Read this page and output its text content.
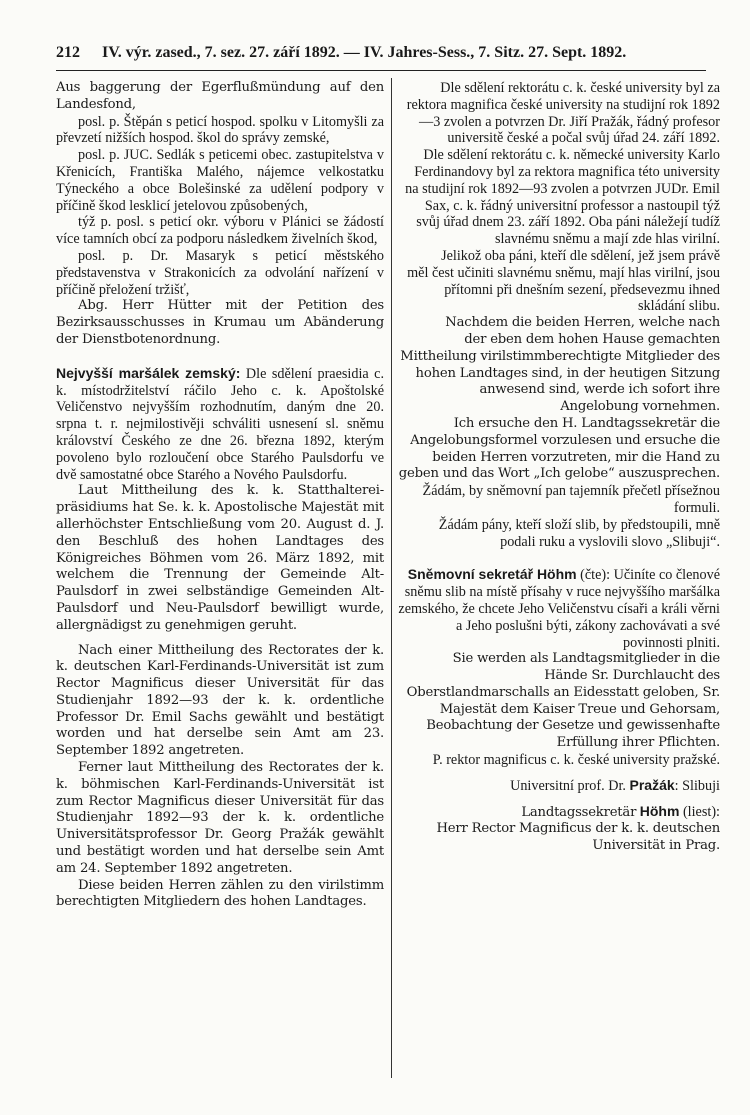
212	IV. výr. zased., 7. sez. 27. září 1892. — IV. Jahres-Sess., 7. Sitz. 27. Sept. 1892.

Aus baggerung der Egerflußmündung auf den Landesfond,

posl. p. Štěpán s peticí hospod. spolku v Litomyšli za převzetí nižších hospod. škol do správy zemské,

posl. p. JUC. Sedlák s peticemi obec. zastupitelstva v Křenicích, Františka Malého, nájemce velkostatku Týneckého a obce Bolešinské za udělení podpory v příčině škod lesklicí jetelovou způsobených,

týž p. posl. s peticí okr. výboru v Plánici se žádostí více tamních obcí za podporu následkem živelních škod,

posl. p. Dr. Masaryk s peticí městského představenstva v Strakonicích za odvolání nařízení v příčině přeložení tržišť,

Abg. Herr Hütter mit der Petition des Bezirksausschusses in Krumau um Abänderung der Dienstbotenordnung.

Nejvyšší maršálek zemský: Dle sdělení praesidia c. k. místodržitelství ráčilo Jeho c. k. Apoštolské Veličenstvo nejvyšším rozhodnutím, daným dne 20. srpna t. r. nejmilostivěji schváliti usnesení sl. sněmu království Českého ze dne 26. března 1892, kterým povoleno bylo rozloučení obce Starého Paulsdorfu ve dvě samostatné obce Starého a Nového Paulsdorfu.

Laut Mittheilung des k. k. Statthalterei-präsidiums hat Se. k. k. Apostolische Majestät mit allerhöchster Entschließung vom 20. August d. J. den Beschluß des hohen Landtages des Königreiches Böhmen vom 26. März 1892, mit welchem die Trennung der Gemeinde Alt-Paulsdorf in zwei selbständige Gemeinden Alt-Paulsdorf und Neu-Paulsdorf bewilligt wurde, allergnädigst zu genehmigen geruht.

Nach einer Mittheilung des Rectorates der k. k. deutschen Karl-Ferdinands-Universität ist zum Rector Magnificus dieser Universität für das Studienjahr 1892—93 der k. k. ordentliche Professor Dr. Emil Sachs gewählt und bestätigt worden und hat derselbe sein Amt am 23. September 1892 angetreten.

Ferner laut Mittheilung des Rectorates der k. k. böhmischen Karl-Ferdinands-Universität ist zum Rector Magnificus dieser Universität für das Studienjahr 1892—93 der k. k. ordentliche Universitätsprofessor Dr. Georg Pražák gewählt und bestätigt worden und hat derselbe sein Amt am 24. September 1892 angetreten.

Diese beiden Herren zählen zu den virilstimm berechtigten Mitgliedern des hohen Landtages.

Dle sdělení rektorátu c. k. české university byl za rektora magnifica české university na studijní rok 1892—3 zvolen a potvrzen Dr. Jiří Pražák, řádný profesor universitě české a počal svůj úřad 24. září 1892.

Dle sdělení rektorátu c. k. německé university Karlo Ferdinandovy byl za rektora magnifica této university na studijní rok 1892—93 zvolen a potvrzen JUDr. Emil Sax, c. k. řádný universitní professor a nastoupil týž svůj úřad dnem 23. září 1892. Oba páni náležejí tudíž slavnému sněmu a mají zde hlas virilní.

Jelikož oba páni, kteří dle sdělení, jež jsem právě měl čest učiniti slavnému sněmu, mají hlas virilní, jsou přítomni při dnešním sezení, předsevezmu ihned skládání slibu.

Nachdem die beiden Herren, welche nach der eben dem hohen Hause gemachten Mittheilung virilstimmberechtigte Mitglieder des hohen Landtages sind, in der heutigen Sitzung anwesend sind, werde ich sofort ihre Angelobung vornehmen.

Ich ersuche den H. Landtagssekretär die Angelobungsformel vorzulesen und ersuche die beiden Herren vorzutreten, mir die Hand zu geben und das Wort „Ich gelobe“ auszusprechen.

Žádám, by sněmovní pan tajemník přečetl přísežnou formuli.

Žádám pány, kteří složí slib, by předstoupili, mně podali ruku a vyslovili slovo „Slibuji“.

Sněmovní sekretář Höhm (čte): Učiníte co členové sněmu slib na místě přísahy v ruce nejvyššího maršálka zemského, že chcete Jeho Veličenstvu císaři a králi věrni a Jeho poslušni býti, zákony zachovávati a své povinnosti plniti.

Sie werden als Landtagsmitglieder in die Hände Sr. Durchlaucht des Oberstlandmarschalls an Eidesstatt geloben, Sr. Majestät dem Kaiser Treue und Gehorsam, Beobachtung der Gesetze und gewissenhafte Erfüllung ihrer Pflichten.

P. rektor magnificus c. k. české university pražské.

Universitní prof. Dr. Pražák: Slibuji

Landtagssekretär Höhm (liest):

Herr Rector Magnificus der k. k. deutschen Universität in Prag.
